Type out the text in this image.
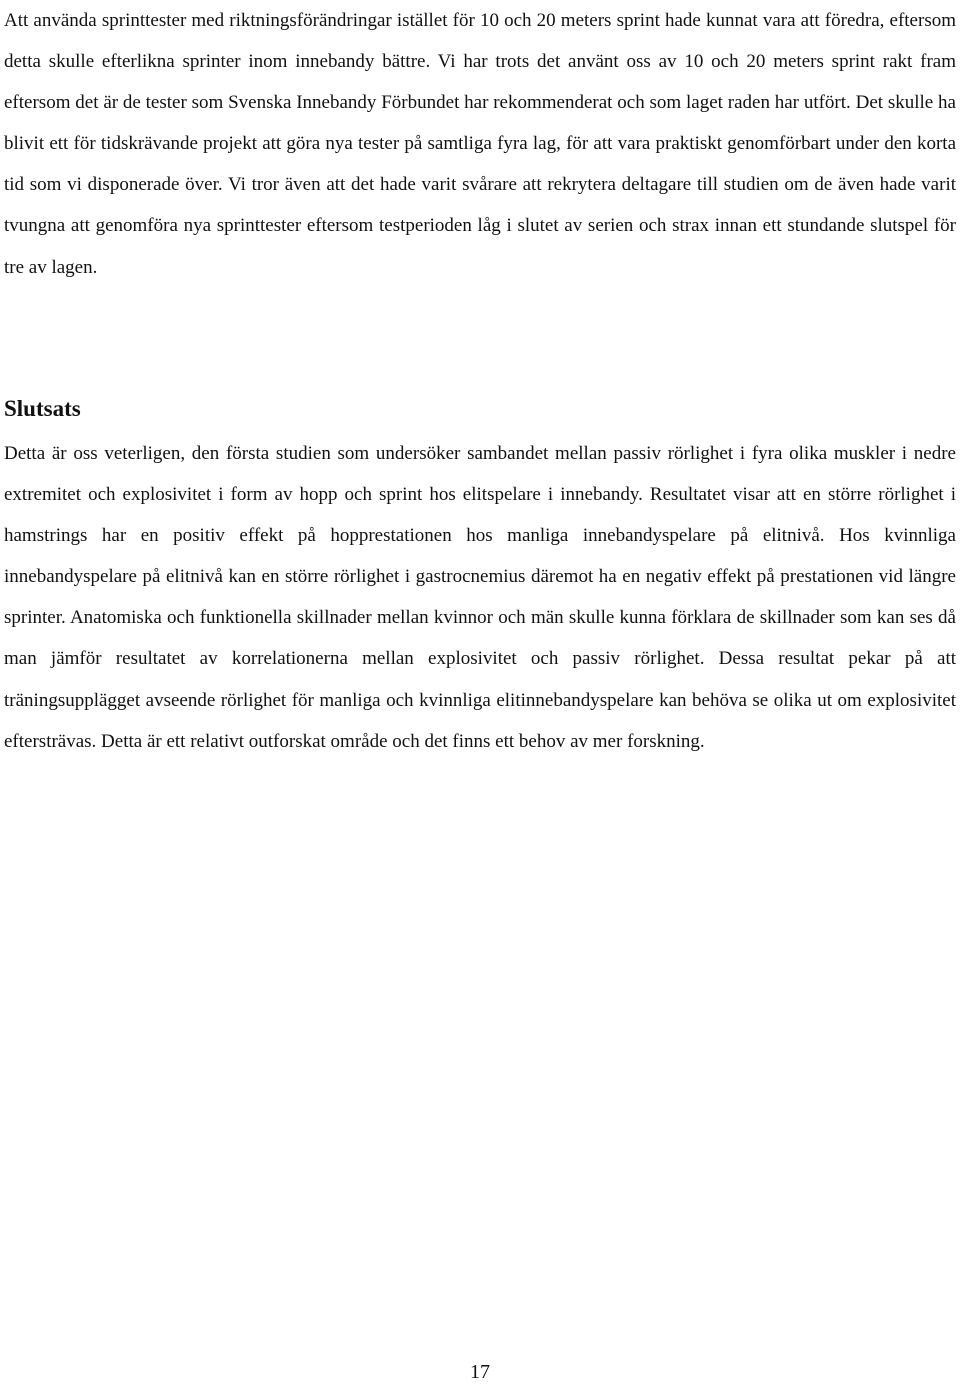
Att använda sprinttester med riktningsförändringar istället för 10 och 20 meters sprint hade kunnat vara att föredra, eftersom detta skulle efterlikna sprinter inom innebandy bättre. Vi har trots det använt oss av 10 och 20 meters sprint rakt fram eftersom det är de tester som Svenska Innebandy Förbundet har rekommenderat och som laget raden har utfört. Det skulle ha blivit ett för tidskrävande projekt att göra nya tester på samtliga fyra lag, för att vara praktiskt genomförbart under den korta tid som vi disponerade över. Vi tror även att det hade varit svårare att rekrytera deltagare till studien om de även hade varit tvungna att genomföra nya sprinttester eftersom testperioden låg i slutet av serien och strax innan ett stundande slutspel för tre av lagen.

Slutsats

Detta är oss veterligen, den första studien som undersöker sambandet mellan passiv rörlighet i fyra olika muskler i nedre extremitet och explosivitet i form av hopp och sprint hos elitspelare i innebandy. Resultatet visar att en större rörlighet i hamstrings har en positiv effekt på hopprestationen hos manliga innebandyspelare på elitnivå. Hos kvinnliga innebandyspelare på elitnivå kan en större rörlighet i gastrocnemius däremot ha en negativ effekt på prestationen vid längre sprinter. Anatomiska och funktionella skillnader mellan kvinnor och män skulle kunna förklara de skillnader som kan ses då man jämför resultatet av korrelationerna mellan explosivitet och passiv rörlighet. Dessa resultat pekar på att träningsupplägget avseende rörlighet för manliga och kvinnliga elitinnebandyspelare kan behöva se olika ut om explosivitet eftersträvas. Detta är ett relativt outforskat område och det finns ett behov av mer forskning.

17
